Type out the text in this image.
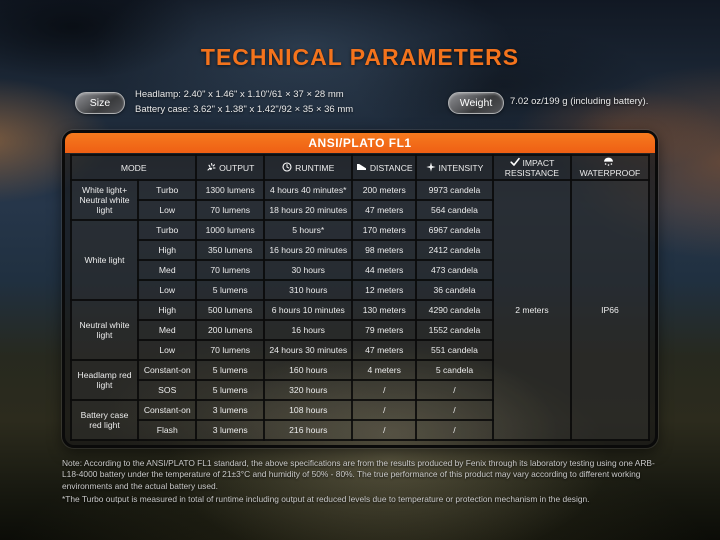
TECHNICAL PARAMETERS
Size
Headlamp: 2.40" x 1.46" x 1.10"/61 × 37 × 28 mm
Battery case: 3.62" x 1.38" x 1.42"/92 × 35 × 36 mm
Weight 7.02 oz/199 g (including battery).
ANSI/PLATO FL1
MODE		OUTPUT	RUNTIME	DISTANCE	INTENSITY	IMPACT RESISTANCE	WATERPROOF
White light+ Neutral white light	Turbo	1300 lumens	4 hours 40 minutes*	200 meters	9973 candela	2 meters	IP66
	Low	70 lumens	18 hours 20 minutes	47 meters	564 candela		
White light	Turbo	1000 lumens	5 hours*	170 meters	6967 candela		
	High	350 lumens	16 hours 20 minutes	98 meters	2412 candela		
	Med	70 lumens	30 hours	44 meters	473 candela		
	Low	5 lumens	310 hours	12 meters	36 candela		
Neutral white light	High	500 lumens	6 hours 10 minutes	130 meters	4290 candela		
	Med	200 lumens	16 hours	79 meters	1552 candela		
	Low	70 lumens	24 hours 30 minutes	47 meters	551 candela		
Headlamp red light	Constant-on	5 lumens	160 hours	4 meters	5 candela		
	SOS	5 lumens	320 hours	/	/		
Battery case red light	Constant-on	3 lumens	108 hours	/	/		
	Flash	3 lumens	216 hours	/	/		
Note: According to the ANSI/PLATO FL1 standard, the above specifications are from the results produced by Fenix through its laboratory testing using one ARB-L18-4000 battery under the temperature of 21±3°C and humidity of 50% - 80%. The true performance of this product may vary according to different working environments and the actual battery used.
*The Turbo output is measured in total of runtime including output at reduced levels due to temperature or protection mechanism in the design.
